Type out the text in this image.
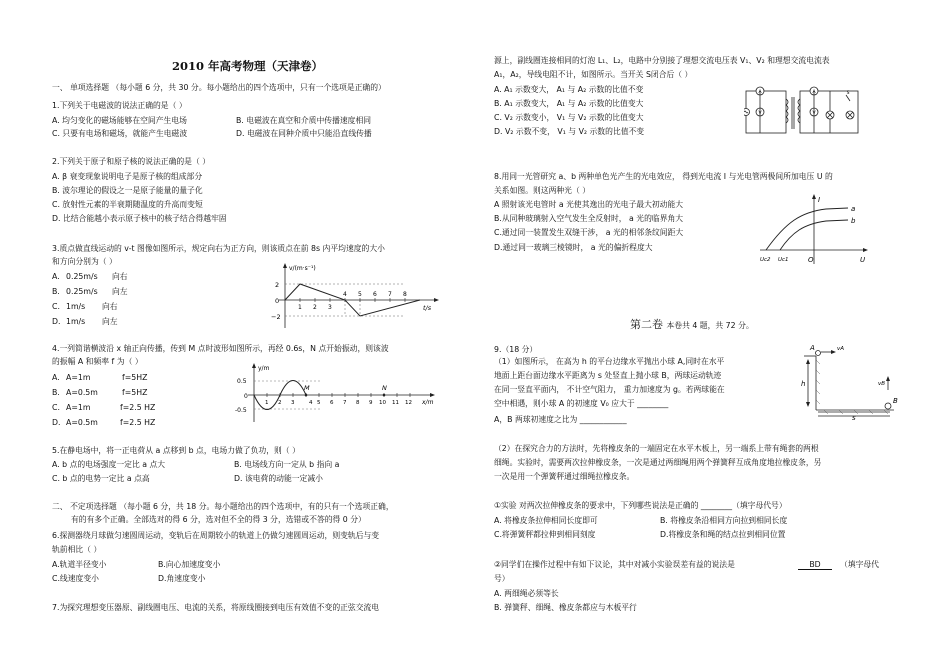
2010 年高考物理（天津卷）
一、 单项选择题 （每小题 6 分，共 30 分。每小题给出的四个选项中，只有一个选项是正确的）
1.下列关于电磁波的说法正确的是（ ）
A. 均匀变化的磁场能够在空间产生电场	B. 电磁波在真空和介质中传播速度相同
C. 只要有电场和磁场，就能产生电磁波	D. 电磁波在同种介质中只能沿直线传播
2.下列关于原子和原子核的说法正确的是（ ）
A. β 衰变现象说明电子是原子核的组成部分
B. 波尔理论的假设之一是原子能量的量子化
C. 放射性元素的半衰期随温度的升高而变短
D. 比结合能越小表示原子核中的核子结合得越牢固
3.质点做直线运动的 v-t 图像如图所示，规定向右为正方向，则该质点在前 8s 内平均速度的大小
和方向分别为（ ）
A. 0.25m/s 向右
B. 0.25m/s 向左
C. 1m/s 向右
D. 1m/s 向左
v/(m·s⁻¹)
t/s
2
0
−2
1 2 3
4 5 6 7 8
4.一列简谐横波沿 x 轴正向传播，传到 M 点时波形如图所示，再经 0.6s，N 点开始振动，则该波
的振幅 A 和频率 f 为（ ）
A. A=1m	f=5HZ
B. A=0.5m	f=5HZ
C. A=1m	f=2.5 HZ
D. A=0.5m	f=2.5 HZ
y/m
x/m
0.5
0
-0.5
M	N
1 2 3	4 5 6 7 8 9 10 11 12
5.在静电场中，将一正电荷从 a 点移到 b 点，电场力做了负功，则（ ）
A. b 点的电场强度一定比 a 点大	B. 电场线方向一定从 b 指向 a
C. b 点的电势一定比 a 点高	D. 该电荷的动能一定减小
二、 不定项选择题 （每小题 6 分，共 18 分。每小题给出的四个选项中，有的只有一个选项正确，
有的有多个正确。全部选对的得 6 分，选对但不全的得 3 分，选错或不答的得 0 分）
6.探测器绕月球做匀速圆周运动，变轨后在周期较小的轨道上仍做匀速圆周运动，则变轨后与变
轨前相比（ ）
A.轨道半径变小	B.向心加速度变小
C.线速度变小	D.角速度变小
7.为探究理想变压器原、副线圈电压、电流的关系，将原线圈接到电压有效值不变的正弦交流电
源上，副线圈连接相同的灯泡 L₁、L₂，电路中分别接了理想交流电压表 V₁、V₂ 和理想交流电流表
A₁，A₂，导线电阻不计，如图所示。当开关 S闭合后（ ）
A. A₁ 示数变大， A₁ 与 A₂ 示数的比值不变
B. A₁ 示数变大， A₁ 与 A₂ 示数的比值变大
C. V₂ 示数变小， V₁ 与 V₂ 示数的比值变大
D. V₂ 示数不变， V₁ 与 V₂ 示数的比值不变
A
V
A
V
S
8.用同一光管研究 a、b 两种单色光产生的光电效应， 得到光电流 I 与光电管两极间所加电压 U 的
关系如图。则这两种光（ ）
A 照射该光电管时 a 光使其逸出的光电子最大初动能大
B.从同种玻璃射入空气发生全反射时， a 光的临界角大
C.通过同一装置发生双缝干涉， a 光的相邻条纹间距大
D.通过同一玻璃三棱镜时， a 光的偏折程度大
I
U
O
a
b
Uc2 Uc1
第二卷 本卷共 4 题，共 72 分。
9.（18 分）
（1）如图所示， 在高为 h 的平台边缘水平抛出小球 A,同时在水平
地面上距台面边缘水平距离为 s 处竖直上抛小球 B，两球运动轨迹
在同一竖直平面内， 不计空气阻力， 重力加速度为 g。若两球能在
空中相遇，则小球 A 的初速度 V₀ 应大于 ________
A，B 两球初速度之比为 ____________
A
B
h
s
vA
vB
（2）在探究合力的方法时，先将橡皮条的一端固定在水平木板上，另一端系上带有绳套的两根
细绳。实验时，需要两次拉伸橡皮条，一次是通过两细绳用两个弹簧秤互成角度地拉橡皮条，另
一次是用一个弹簧秤通过细绳拉橡皮条。
①实验 对两次拉伸橡皮条的要求中，下列哪些说法是正确的 ________（填字母代号）
A. 将橡皮条拉伸相同长度即可	B. 将橡皮条沿相同方向拉到相同长度
C.将弹簧秤都拉伸到相同刻度	D.将橡皮条和绳的结点拉到相同位置
②同学们在操作过程中有如下议论，其中对减小实验误差有益的说法是	BD	（填字母代
号）
A. 两细绳必须等长
B. 弹簧秤、细绳、橡皮条都应与木板平行
